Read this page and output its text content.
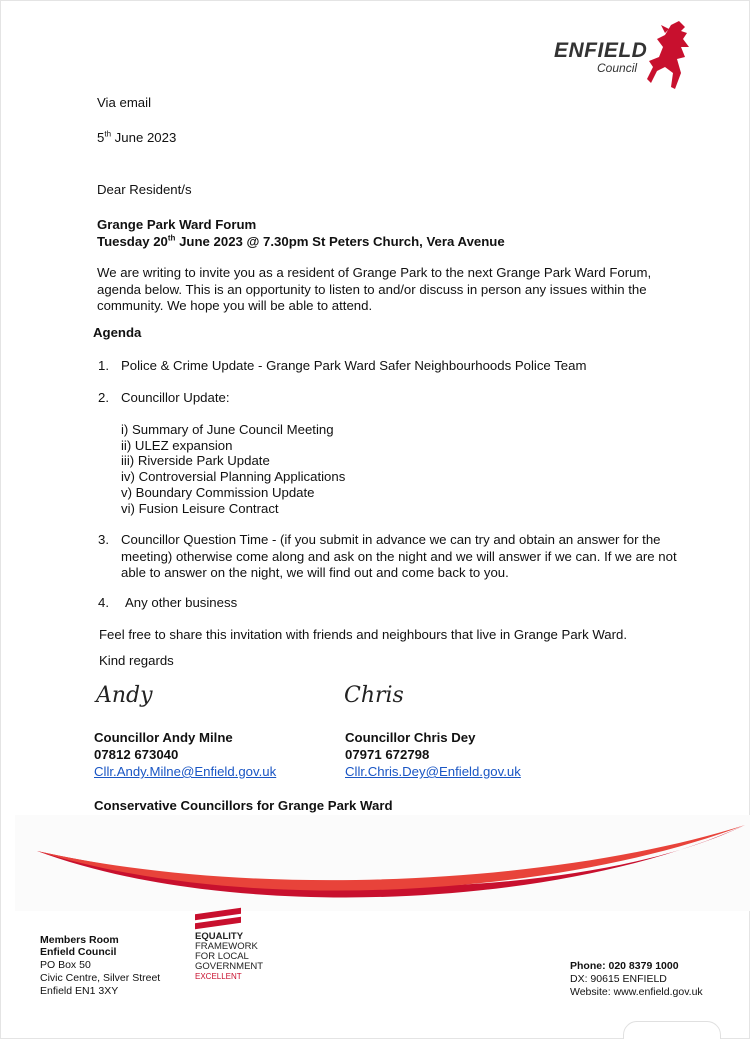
ENFIELD
Council
Via email
5th June 2023
Dear Resident/s
Grange Park Ward Forum
Tuesday 20th June 2023 @ 7.30pm St Peters Church, Vera Avenue
We are writing to invite you as a resident of Grange Park to the next Grange Park Ward Forum, agenda below. This is an opportunity to listen to and/or discuss in person any issues within the community. We hope you will be able to attend.
Agenda
1. Police & Crime Update - Grange Park Ward Safer Neighbourhoods Police Team
2. Councillor Update:
i) Summary of June Council Meeting
ii) ULEZ expansion
iii) Riverside Park Update
iv) Controversial Planning Applications
v) Boundary Commission Update
vi) Fusion Leisure Contract
3. Councillor Question Time - (if you submit in advance we can try and obtain an answer for the meeting) otherwise come along and ask on the night and we will answer if we can. If we are not able to answer on the night, we will find out and come back to you.
4. Any other business
Feel free to share this invitation with friends and neighbours that live in Grange Park Ward.
Kind regards
Andy	Chris
Councillor Andy Milne
07812 673040
Cllr.Andy.Milne@Enfield.gov.uk
Councillor Chris Dey
07971 672798
Cllr.Chris.Dey@Enfield.gov.uk
Conservative Councillors for Grange Park Ward
Members Room
Enfield Council
PO Box 50
Civic Centre, Silver Street
Enfield EN1 3XY
EQUALITY
FRAMEWORK
FOR LOCAL
GOVERNMENT
EXCELLENT
Phone: 020 8379 1000
DX: 90615 ENFIELD
Website: www.enfield.gov.uk
